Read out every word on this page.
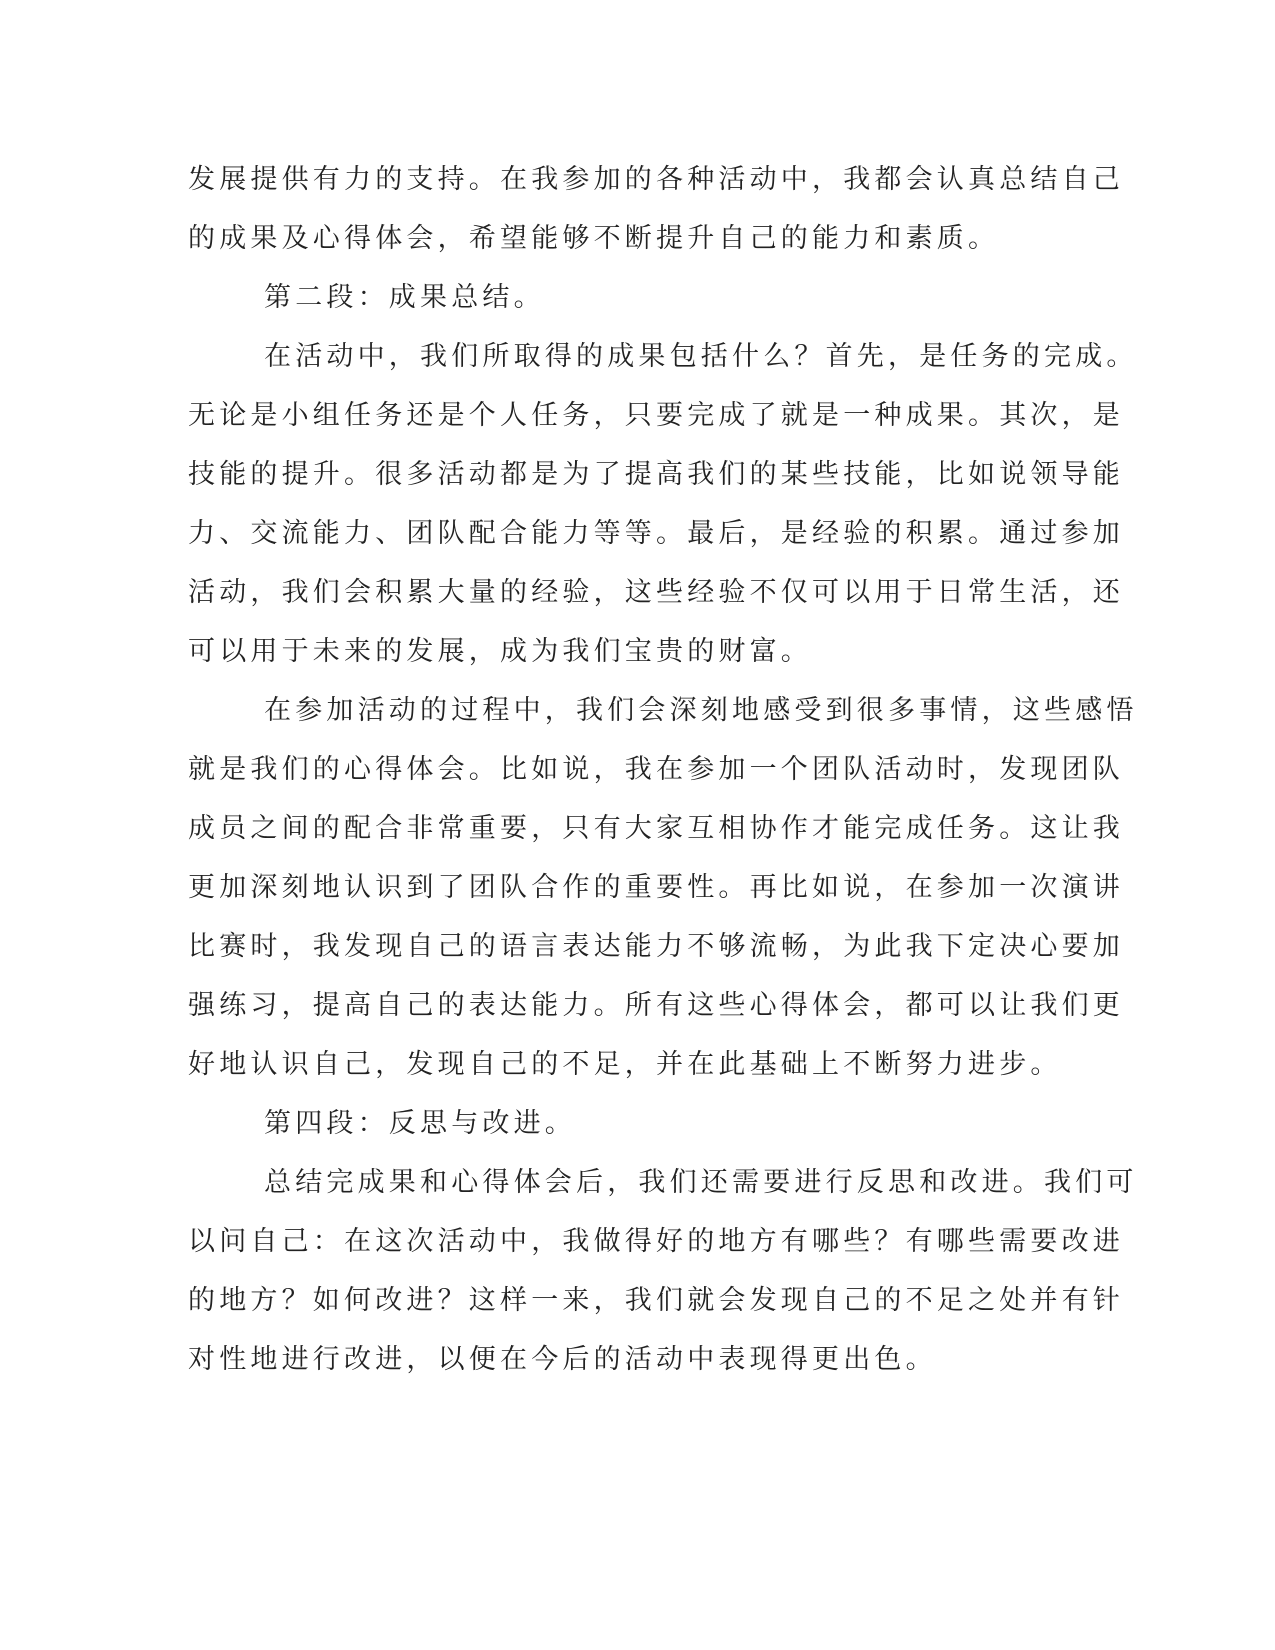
发展提供有力的支持。在我参加的各种活动中，我都会认真总结自己
的成果及心得体会，希望能够不断提升自己的能力和素质。
第二段：成果总结。
在活动中，我们所取得的成果包括什么？首先，是任务的完成。
无论是小组任务还是个人任务，只要完成了就是一种成果。其次，是
技能的提升。很多活动都是为了提高我们的某些技能，比如说领导能
力、交流能力、团队配合能力等等。最后，是经验的积累。通过参加
活动，我们会积累大量的经验，这些经验不仅可以用于日常生活，还
可以用于未来的发展，成为我们宝贵的财富。
在参加活动的过程中，我们会深刻地感受到很多事情，这些感悟
就是我们的心得体会。比如说，我在参加一个团队活动时，发现团队
成员之间的配合非常重要，只有大家互相协作才能完成任务。这让我
更加深刻地认识到了团队合作的重要性。再比如说，在参加一次演讲
比赛时，我发现自己的语言表达能力不够流畅，为此我下定决心要加
强练习，提高自己的表达能力。所有这些心得体会，都可以让我们更
好地认识自己，发现自己的不足，并在此基础上不断努力进步。
第四段：反思与改进。
总结完成果和心得体会后，我们还需要进行反思和改进。我们可
以问自己：在这次活动中，我做得好的地方有哪些？有哪些需要改进
的地方？如何改进？这样一来，我们就会发现自己的不足之处并有针
对性地进行改进，以便在今后的活动中表现得更出色。
